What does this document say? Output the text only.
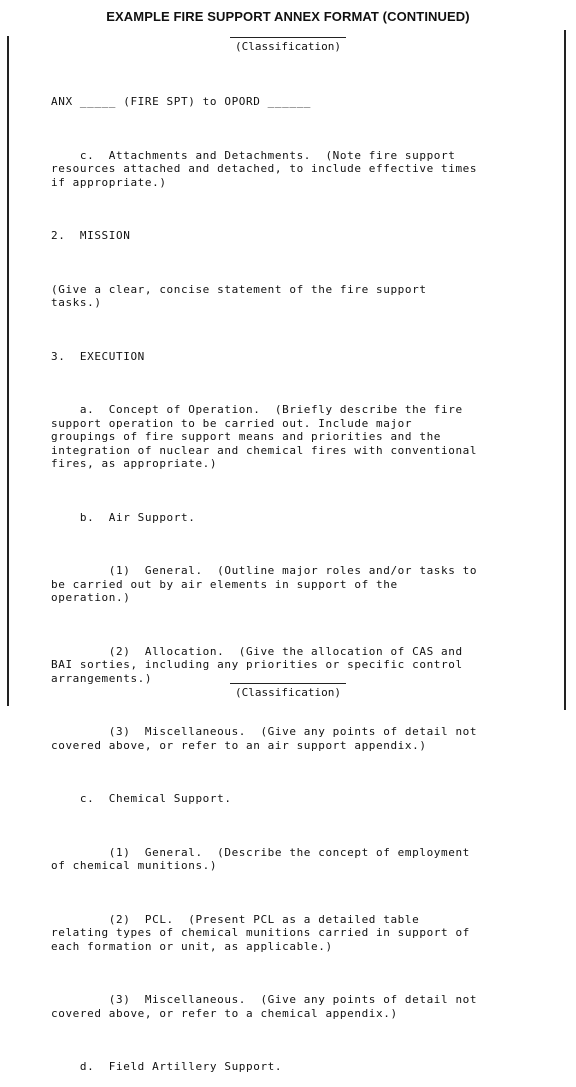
EXAMPLE FIRE SUPPORT ANNEX FORMAT (CONTINUED)
(Classification)

ANX _____ (FIRE SPT) to OPORD ______

c.  Attachments and Detachments.  (Note fire support
resources attached and detached, to include effective times
if appropriate.)

2.  MISSION

(Give a clear, concise statement of the fire support
tasks.)

3.  EXECUTION

a.  Concept of Operation.  (Briefly describe the fire
support operation to be carried out. Include major
groupings of fire support means and priorities and the
integration of nuclear and chemical fires with conventional
fires, as appropriate.)

b.  Air Support.

(1)  General.  (Outline major roles and/or tasks to
be carried out by air elements in support of the
operation.)

(2)  Allocation.  (Give the allocation of CAS and
BAI sorties, including any priorities or specific control
arrangements.)

(3)  Miscellaneous.  (Give any points of detail not
covered above, or refer to an air support appendix.)

c.  Chemical Support.

(1)  General.  (Describe the concept of employment
of chemical munitions.)

(2)  PCL.  (Present PCL as a detailed table
relating types of chemical munitions carried in support of
each formation or unit, as applicable.)

(3)  Miscellaneous.  (Give any points of detail not
covered above, or refer to a chemical appendix.)

d.  Field Artillery Support.

(Classification)
